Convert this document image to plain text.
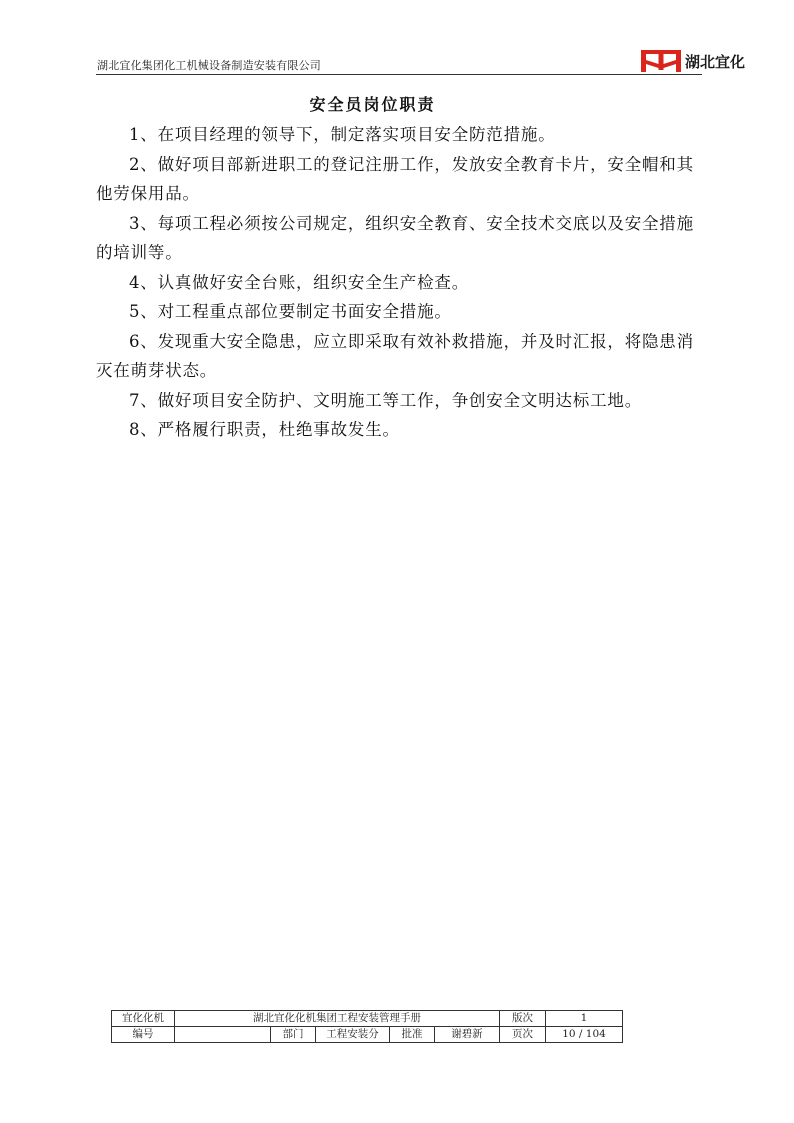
湖北宜化集团化工机械设备制造安装有限公司	湖北宜化
安全员岗位职责

1、在项目经理的领导下，制定落实项目安全防范措施。

2、做好项目部新进职工的登记注册工作，发放安全教育卡片，安全帽和其他劳保用品。

3、每项工程必须按公司规定，组织安全教育、安全技术交底以及安全措施的培训等。

4、认真做好安全台账，组织安全生产检查。

5、对工程重点部位要制定书面安全措施。

6、发现重大安全隐患，应立即采取有效补救措施，并及时汇报，将隐患消灭在萌芽状态。

7、做好项目安全防护、文明施工等工作，争创安全文明达标工地。

8、严格履行职责，杜绝事故发生。

宜化化机	湖北宜化化机集团工程安装管理手册					版次	1
编号		部门	工程安装分	批准	谢碧新	页次	10 / 104
